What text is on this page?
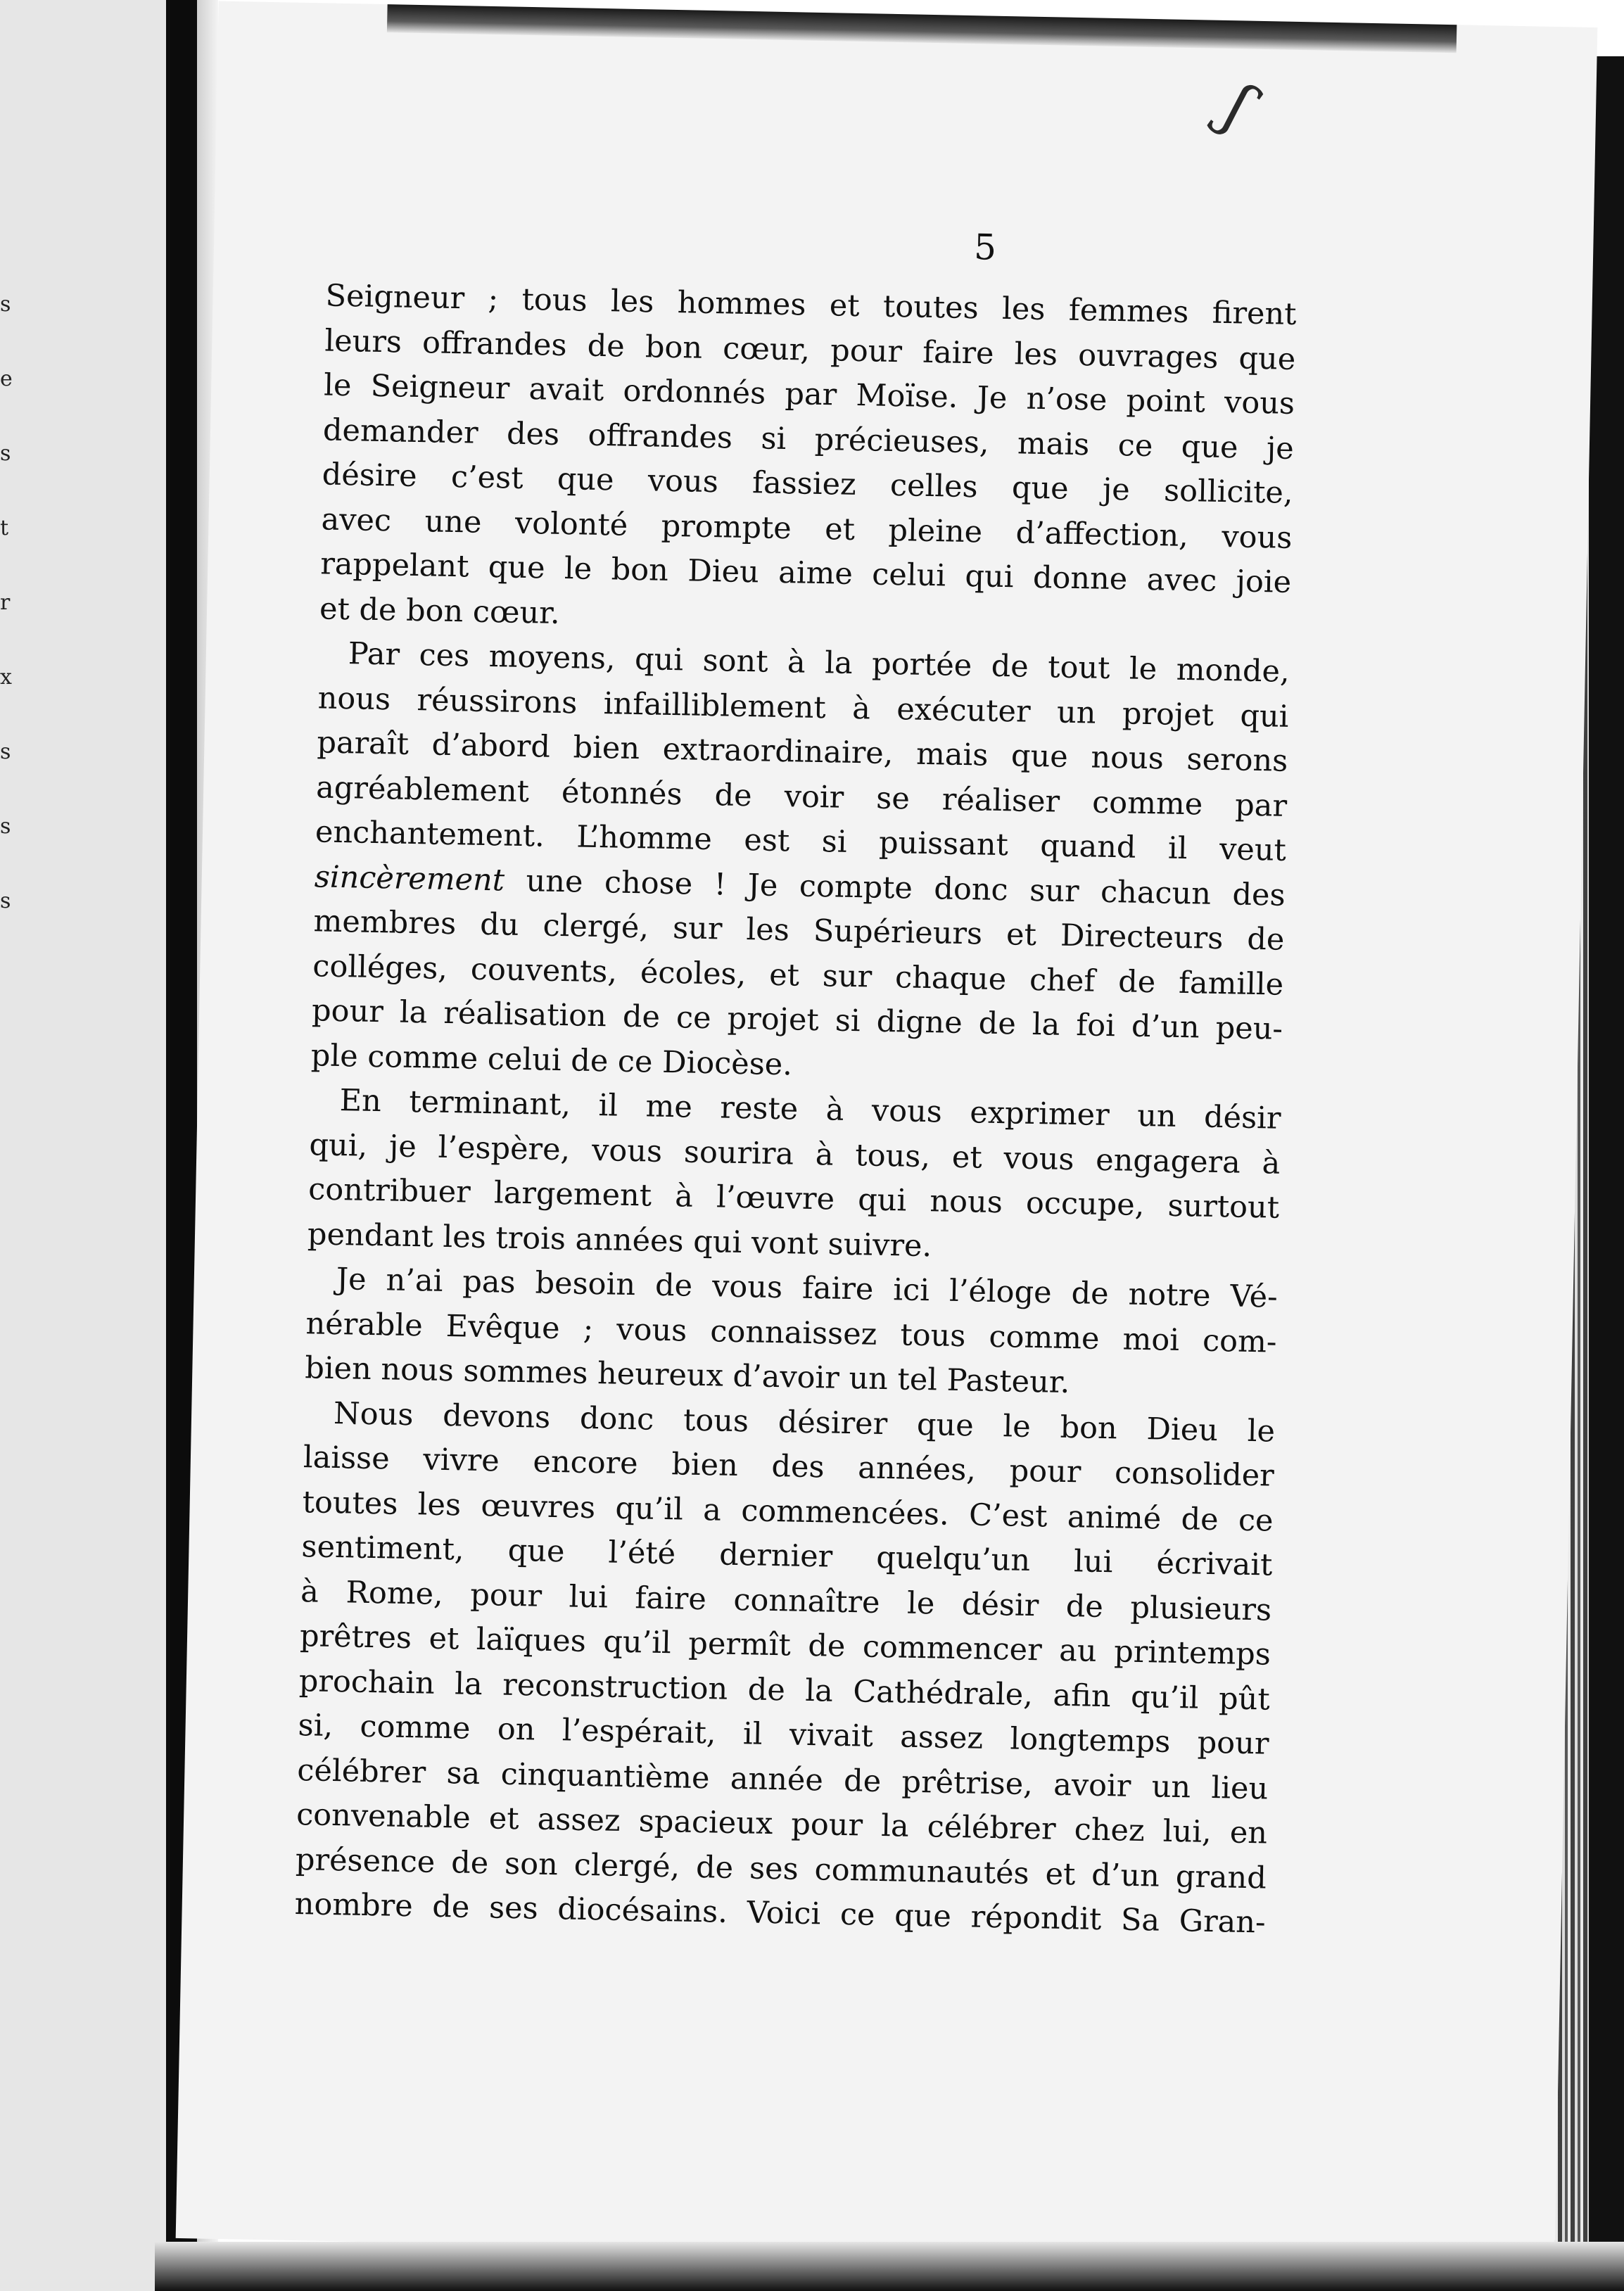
s
e
s
t
r
x
s
s
s
ʃ
5
Seigneur ; tous les hommes et toutes les femmes firent
leurs offrandes de bon cœur, pour faire les ouvrages que
le Seigneur avait ordonnés par Moïse. Je n’ose point vous
demander des offrandes si précieuses, mais ce que je
désire c’est que vous fassiez celles que je sollicite,
avec une volonté prompte et pleine d’affection, vous
rappelant que le bon Dieu aime celui qui donne avec joie
et de bon cœur.
Par ces moyens, qui sont à la portée de tout le monde,
nous réussirons infailliblement à exécuter un projet qui
paraît d’abord bien extraordinaire, mais que nous serons
agréablement étonnés de voir se réaliser comme par
enchantement. L’homme est si puissant quand il veut
sincèrement une chose ! Je compte donc sur chacun des
membres du clergé, sur les Supérieurs et Directeurs de
colléges, couvents, écoles, et sur chaque chef de famille
pour la réalisation de ce projet si digne de la foi d’un peu-
ple comme celui de ce Diocèse.
En terminant, il me reste à vous exprimer un désir
qui, je l’espère, vous sourira à tous, et vous engagera à
contribuer largement à l’œuvre qui nous occupe, surtout
pendant les trois années qui vont suivre.
Je n’ai pas besoin de vous faire ici l’éloge de notre Vé-
nérable Evêque ; vous connaissez tous comme moi com-
bien nous sommes heureux d’avoir un tel Pasteur.
Nous devons donc tous désirer que le bon Dieu le
laisse vivre encore bien des années, pour consolider
toutes les œuvres qu’il a commencées. C’est animé de ce
sentiment, que l’été dernier quelqu’un lui écrivait
à Rome, pour lui faire connaître le désir de plusieurs
prêtres et laïques qu’il permît de commencer au printemps
prochain la reconstruction de la Cathédrale, afin qu’il pût
si, comme on l’espérait, il vivait assez longtemps pour
célébrer sa cinquantième année de prêtrise, avoir un lieu
convenable et assez spacieux pour la célébrer chez lui, en
présence de son clergé, de ses communautés et d’un grand
nombre de ses diocésains. Voici ce que répondit Sa Gran-
